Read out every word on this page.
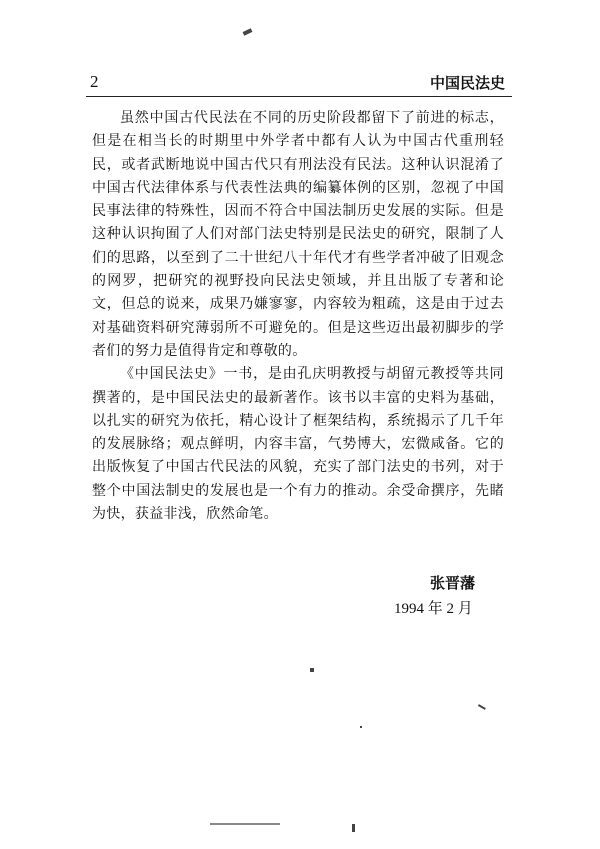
2	中国民法史

虽然中国古代民法在不同的历史阶段都留下了前进的标志，但是在相当长的时期里中外学者中都有人认为中国古代重刑轻民，或者武断地说中国古代只有刑法没有民法。这种认识混淆了中国古代法律体系与代表性法典的编纂体例的区别，忽视了中国民事法律的特殊性，因而不符合中国法制历史发展的实际。但是这种认识拘囿了人们对部门法史特别是民法史的研究，限制了人们的思路，以至到了二十世纪八十年代才有些学者冲破了旧观念的网罗，把研究的视野投向民法史领域，并且出版了专著和论文，但总的说来，成果乃嫌寥寥，内容较为粗疏，这是由于过去对基础资料研究薄弱所不可避免的。但是这些迈出最初脚步的学者们的努力是值得肯定和尊敬的。

《中国民法史》一书，是由孔庆明教授与胡留元教授等共同撰著的，是中国民法史的最新著作。该书以丰富的史料为基础，以扎实的研究为依托，精心设计了框架结构，系统揭示了几千年的发展脉络；观点鲜明，内容丰富，气势博大，宏微咸备。它的出版恢复了中国古代民法的风貌，充实了部门法史的书列，对于整个中国法制史的发展也是一个有力的推动。余受命撰序，先睹为快，获益非浅，欣然命笔。

张晋藩
1994 年 2 月
